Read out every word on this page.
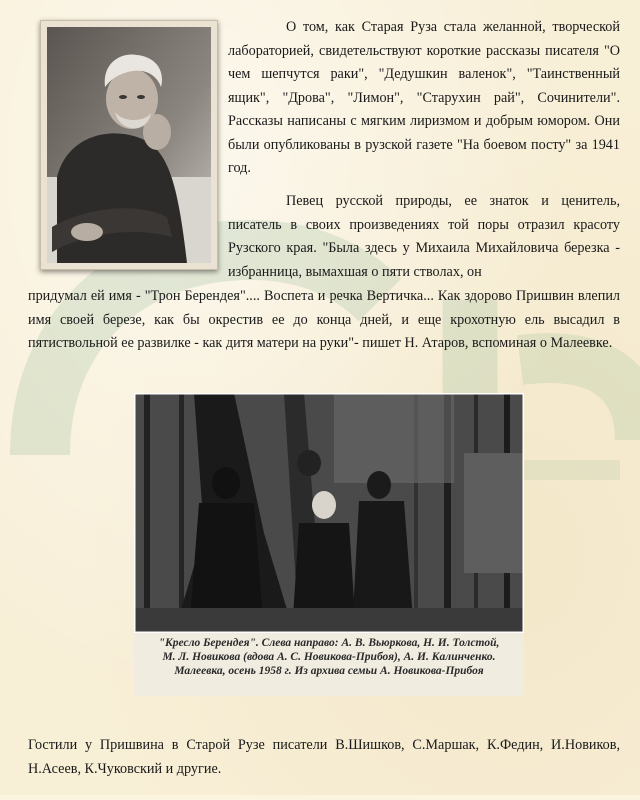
О том, как Старая Руза стала желанной, творческой лабораторией, свидетельствуют короткие рассказы писателя "О чем шепчутся раки", "Дедушкин валенок", "Таинственный ящик", "Дрова", "Лимон", "Старухин рай", Сочинители". Рассказы написаны с мягким лиризмом и добрым юмором. Они были опубликованы в рузской газете "На боевом посту" за 1941 год.
Певец русской природы, ее знаток и ценитель, писатель в своих произведениях той поры отразил красоту Рузского края. "Была здесь у Михаила Михайловича березка - избранница, вымахшая о пяти стволах, он
придумал ей имя - "Трон Берендея".... Воспета и речка Вертичка... Как здорово Пришвин влепил имя своей березе, как бы окрестив ее до конца дней, и еще крохотную ель высадил в пятиствольной ее развилке - как дитя матери на руки"- пишет Н. Атаров, вспоминая о Малеевке.
"Кресло Берендея". Слева направо: А. В. Вьюркова, Н. И. Толстой,
М. Л. Новикова (вдова А. С. Новикова-Прибоя), А. И. Калинченко.
Малеевка, осень 1958 г. Из архива семьи А. Новикова-Прибоя
Гостили у Пришвина в Старой Рузе писатели В.Шишков, С.Маршак, К.Федин, И.Новиков, Н.Асеев, К.Чуковский и другие.
